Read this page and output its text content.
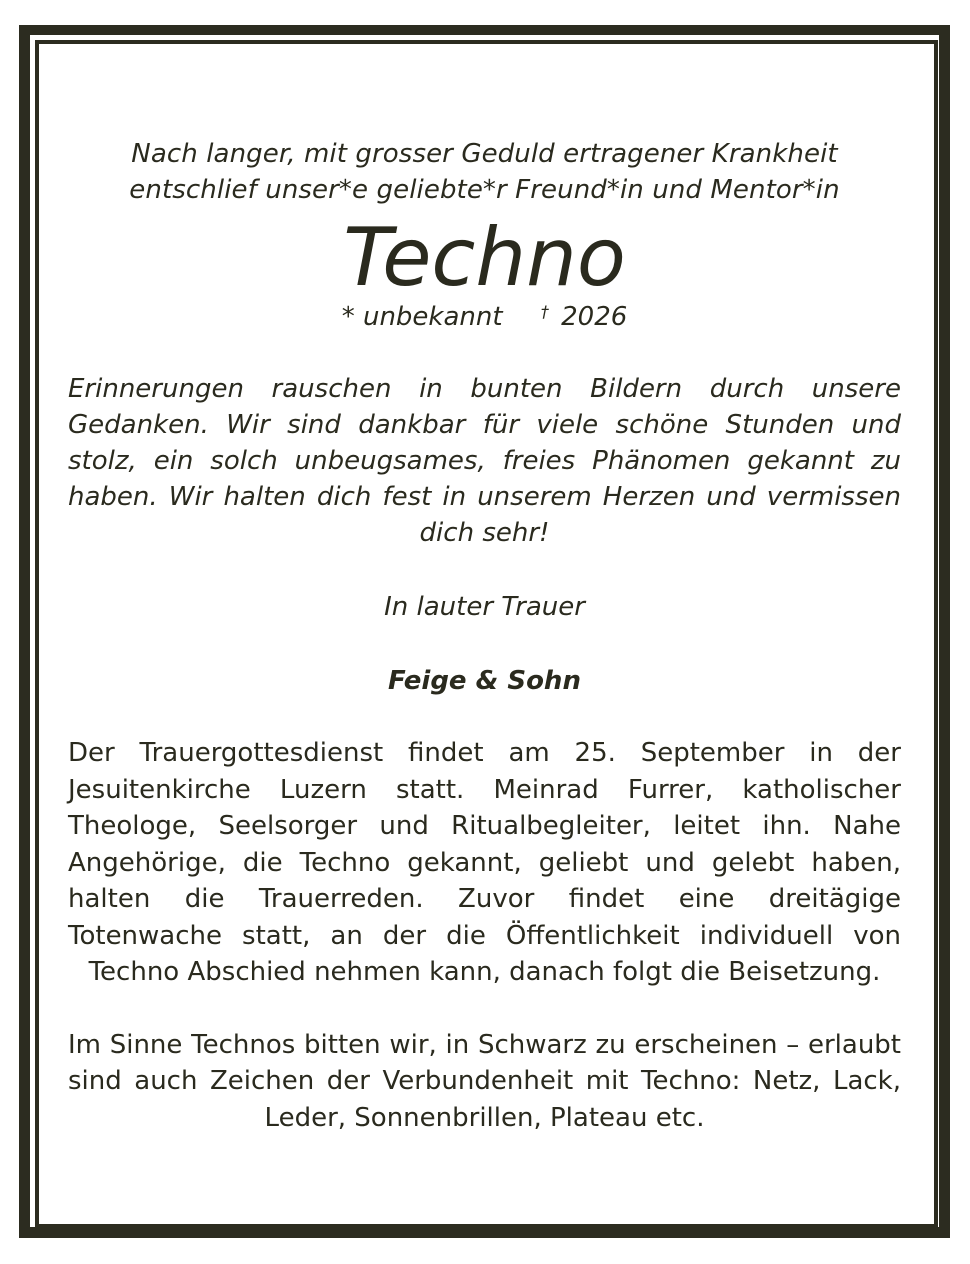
Nach langer, mit grosser Geduld ertragener Krankheit entschlief unser*e geliebte*r Freund*in und Mentor*in

Techno

* unbekannt † 2026

Erinnerungen rauschen in bunten Bildern durch unsere Gedanken. Wir sind dankbar für viele schöne Stunden und stolz, ein solch unbeugsames, freies Phänomen gekannt zu haben. Wir halten dich fest in unserem Herzen und vermissen dich sehr!

In lauter Trauer

Feige & Sohn

Der Trauergottesdienst findet am 25. September in der Jesuitenkirche Luzern statt. Meinrad Furrer, katholischer Theologe, Seelsorger und Ritualbegleiter, leitet ihn. Nahe Angehörige, die Techno gekannt, geliebt und gelebt haben, halten die Trauerreden. Zuvor findet eine dreitägige Totenwache statt, an der die Öffentlichkeit individuell von Techno Abschied nehmen kann, danach folgt die Beisetzung.

Im Sinne Technos bitten wir, in Schwarz zu erscheinen – erlaubt sind auch Zeichen der Verbundenheit mit Techno: Netz, Lack, Leder, Sonnenbrillen, Plateau etc.
